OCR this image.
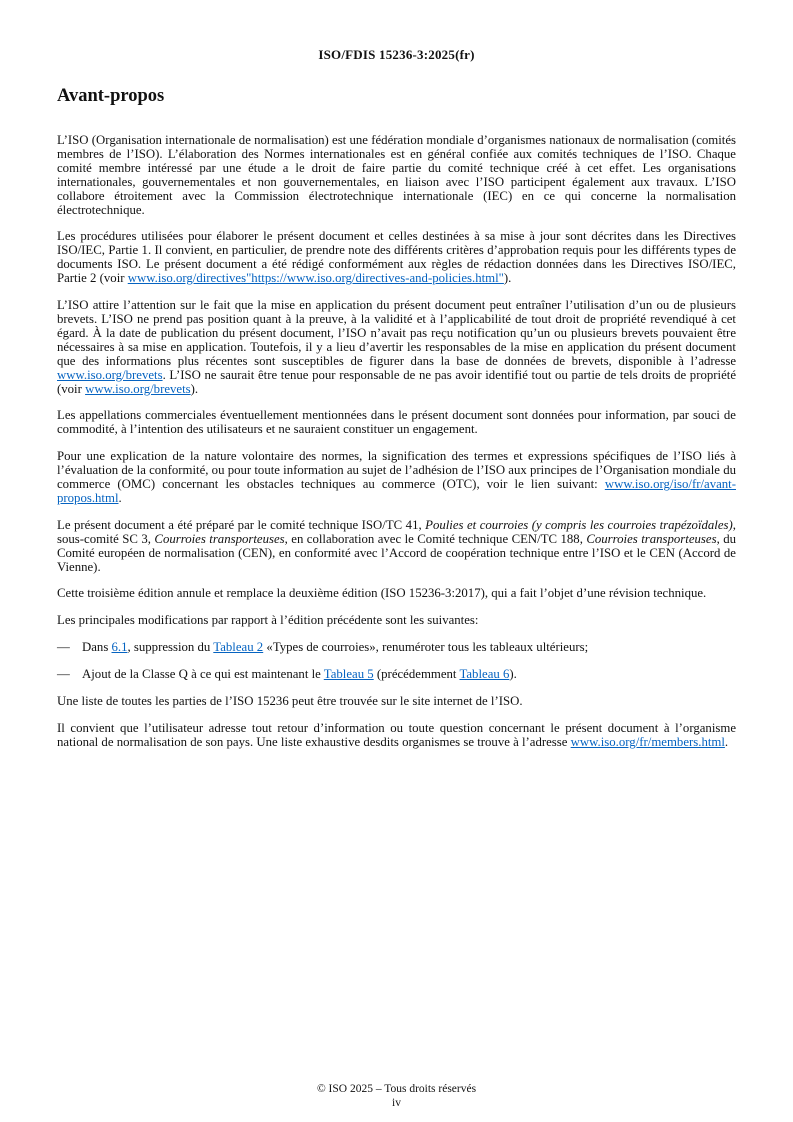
ISO/FDIS 15236-3:2025(fr)
Avant-propos

L’ISO (Organisation internationale de normalisation) est une fédération mondiale d’organismes nationaux de normalisation (comités membres de l’ISO). L’élaboration des Normes internationales est en général confiée aux comités techniques de l’ISO. Chaque comité membre intéressé par une étude a le droit de faire partie du comité technique créé à cet effet. Les organisations internationales, gouvernementales et non gouvernementales, en liaison avec l’ISO participent également aux travaux. L’ISO collabore étroitement avec la Commission électrotechnique internationale (IEC) en ce qui concerne la normalisation électrotechnique.

Les procédures utilisées pour élaborer le présent document et celles destinées à sa mise à jour sont décrites dans les Directives ISO/IEC, Partie 1. Il convient, en particulier, de prendre note des différents critères d’approbation requis pour les différents types de documents ISO. Le présent document a été rédigé conformément aux règles de rédaction données dans les Directives ISO/IEC, Partie 2 (voir www.iso.org/directives"https://www.iso.org/directives-and-policies.html").

L’ISO attire l’attention sur le fait que la mise en application du présent document peut entraîner l’utilisation d’un ou de plusieurs brevets. L’ISO ne prend pas position quant à la preuve, à la validité et à l’applicabilité de tout droit de propriété revendiqué à cet égard. À la date de publication du présent document, l’ISO n’avait pas reçu notification qu’un ou plusieurs brevets pouvaient être nécessaires à sa mise en application. Toutefois, il y a lieu d’avertir les responsables de la mise en application du présent document que des informations plus récentes sont susceptibles de figurer dans la base de données de brevets, disponible à l’adresse www.iso.org/brevets. L’ISO ne saurait être tenue pour responsable de ne pas avoir identifié tout ou partie de tels droits de propriété (voir www.iso.org/brevets).

Les appellations commerciales éventuellement mentionnées dans le présent document sont données pour information, par souci de commodité, à l’intention des utilisateurs et ne sauraient constituer un engagement.

Pour une explication de la nature volontaire des normes, la signification des termes et expressions spécifiques de l’ISO liés à l’évaluation de la conformité, ou pour toute information au sujet de l’adhésion de l’ISO aux principes de l’Organisation mondiale du commerce (OMC) concernant les obstacles techniques au commerce (OTC), voir le lien suivant: www.iso.org/iso/fr/avant-propos.html.

Le présent document a été préparé par le comité technique ISO/TC 41, Poulies et courroies (y compris les courroies trapézoïdales), sous-comité SC 3, Courroies transporteuses, en collaboration avec le Comité technique CEN/TC 188, Courroies transporteuses, du Comité européen de normalisation (CEN), en conformité avec l’Accord de coopération technique entre l’ISO et le CEN (Accord de Vienne).

Cette troisième édition annule et remplace la deuxième édition (ISO 15236-3:2017), qui a fait l’objet d’une révision technique.

Les principales modifications par rapport à l’édition précédente sont les suivantes:

— Dans 6.1, suppression du Tableau 2 «Types de courroies», renuméroter tous les tableaux ultérieurs;

— Ajout de la Classe Q à ce qui est maintenant le Tableau 5 (précédemment Tableau 6).

Une liste de toutes les parties de l’ISO 15236 peut être trouvée sur le site internet de l’ISO.

Il convient que l’utilisateur adresse tout retour d’information ou toute question concernant le présent document à l’organisme national de normalisation de son pays. Une liste exhaustive desdits organismes se trouve à l’adresse www.iso.org/fr/members.html.

© ISO 2025 – Tous droits réservés
iv
